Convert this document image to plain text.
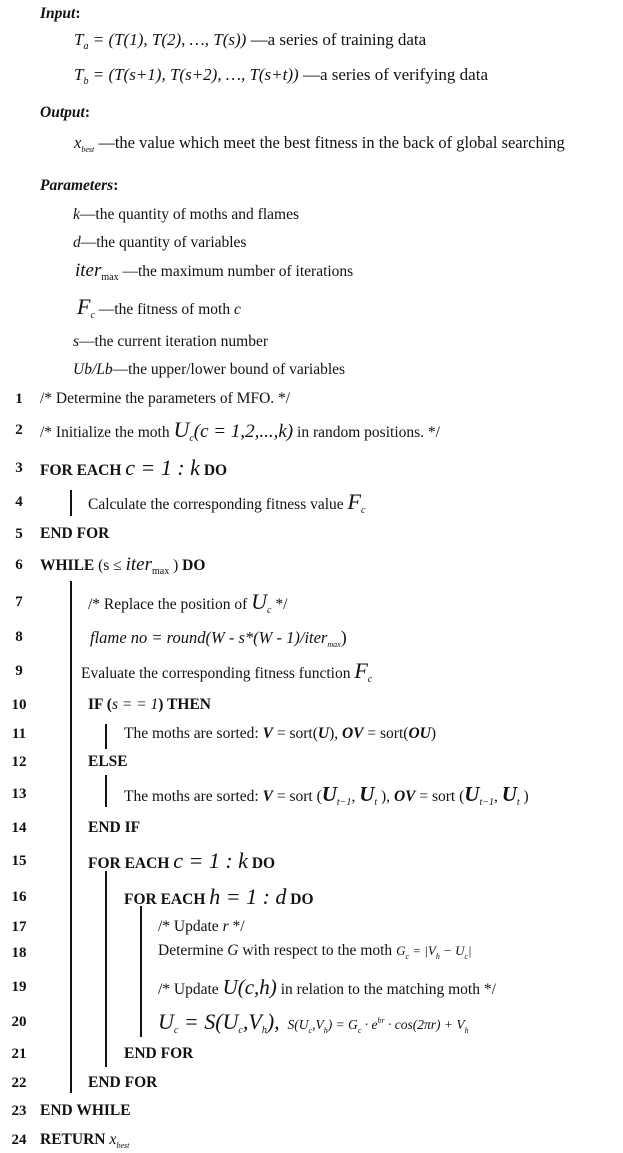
Input:
$T_a = (T(1)$, T(2), …, T(s)) —a series of training data
$T_b = (T(s+1)$, T(s+2), …, T(s+t)) —a series of verifying data
Output:
$x_{best}$ —the value which meet the best fitness in the back of global searching
Parameters:
k—the quantity of moths and flames
d—the quantity of variables
iter$_{max}$ —the maximum number of iterations
$F_c$ —the fitness of moth c
s—the current iteration number
Ub/Lb—the upper/lower bound of variables
1
2
3
4
5
6
7
8
9
10
11
12
13
14
15
16
17
18
19
20
21
22
23
24
/* Determine the parameters of MFO. */
/* Initialize the moth $U_c(c = 1,2,...,k)$ in random positions. */
FOR EACH c = 1 : k DO
Calculate the corresponding fitness value $F_c$
END FOR
WHILE (s ≤ iter$_{max}$ ) DO
/* Replace the position of $U_c$ */
flame no = round(W - s*(W - 1)/iter$_{max}$)
Evaluate the corresponding fitness function $F_c$
IF (s = = 1) THEN
The moths are sorted: V = sort(U), OV = sort(OU)
ELSE
The moths are sorted: V = sort ($U_{t-1}$, $U_t$ ), OV = sort ($U_{t-1}$, $U_t$ )
END IF
FOR EACH c = 1 : k DO
FOR EACH h = 1 : d DO
/* Update r */
Determine G with respect to the moth $G_c = |V_h - U_c|$
/* Update U(c,h) in relation to the matching moth */
$U_c = S(U_c,V_h)$, $S(U_c,V_h) = G_c \cdot e^{br} \cdot \cos(2\pi r) + V_h$
END FOR
END FOR
END WHILE
RETURN $x_{best}$
